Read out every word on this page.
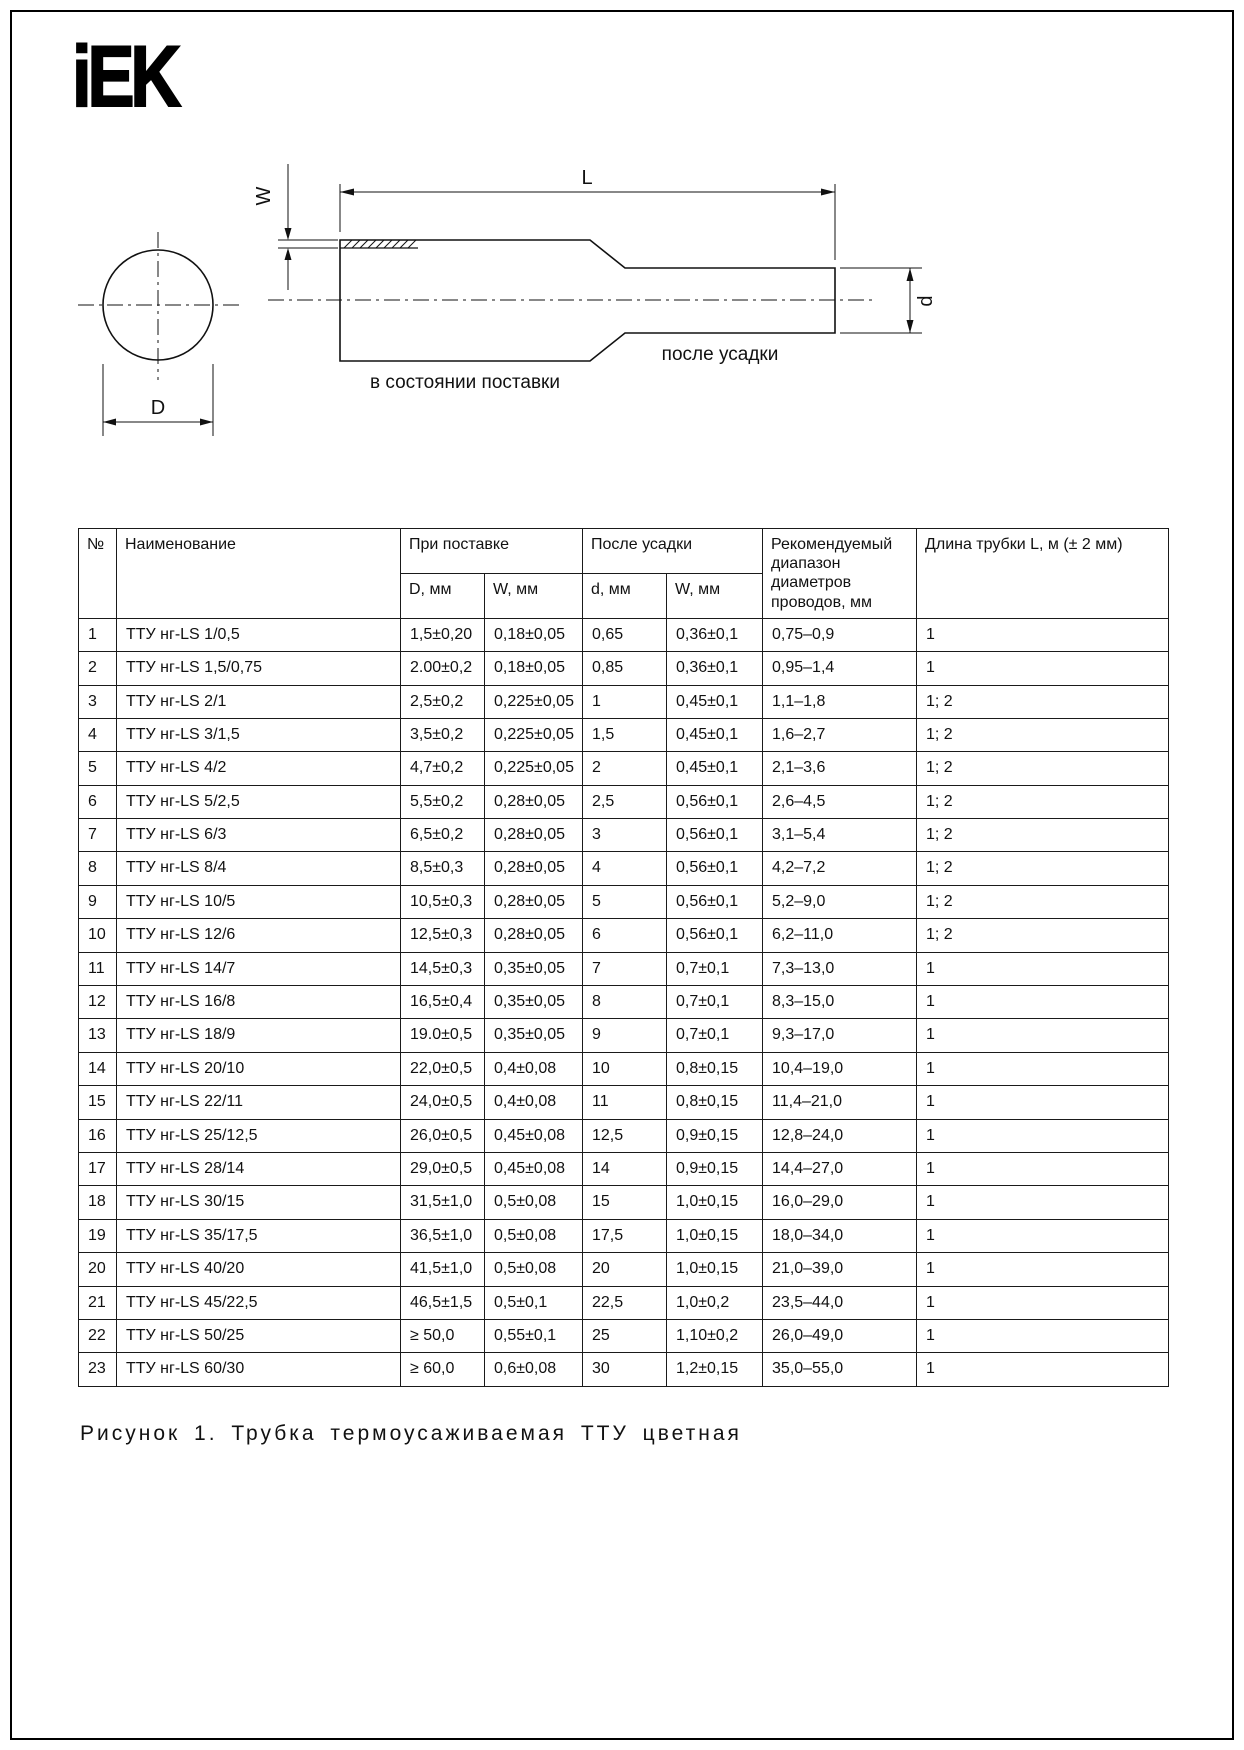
iEK
W
L
D
d
в состоянии поставки
после усадки
№	Наименование	При поставке		После усадки		Рекомендуемый диапазон диаметров проводов, мм	Длина трубки L, м (± 2 мм)
		D, мм	W, мм	d, мм	W, мм		
1	ТТУ нг-LS 1/0,5	1,5±0,20	0,18±0,05	0,65	0,36±0,1	0,75–0,9	1
2	ТТУ нг-LS 1,5/0,75	2.00±0,2	0,18±0,05	0,85	0,36±0,1	0,95–1,4	1
3	ТТУ нг-LS 2/1	2,5±0,2	0,225±0,05	1	0,45±0,1	1,1–1,8	1; 2
4	ТТУ нг-LS 3/1,5	3,5±0,2	0,225±0,05	1,5	0,45±0,1	1,6–2,7	1; 2
5	ТТУ нг-LS 4/2	4,7±0,2	0,225±0,05	2	0,45±0,1	2,1–3,6	1; 2
6	ТТУ нг-LS 5/2,5	5,5±0,2	0,28±0,05	2,5	0,56±0,1	2,6–4,5	1; 2
7	ТТУ нг-LS 6/3	6,5±0,2	0,28±0,05	3	0,56±0,1	3,1–5,4	1; 2
8	ТТУ нг-LS 8/4	8,5±0,3	0,28±0,05	4	0,56±0,1	4,2–7,2	1; 2
9	ТТУ нг-LS 10/5	10,5±0,3	0,28±0,05	5	0,56±0,1	5,2–9,0	1; 2
10	ТТУ нг-LS 12/6	12,5±0,3	0,28±0,05	6	0,56±0,1	6,2–11,0	1; 2
11	ТТУ нг-LS 14/7	14,5±0,3	0,35±0,05	7	0,7±0,1	7,3–13,0	1
12	ТТУ нг-LS 16/8	16,5±0,4	0,35±0,05	8	0,7±0,1	8,3–15,0	1
13	ТТУ нг-LS 18/9	19.0±0,5	0,35±0,05	9	0,7±0,1	9,3–17,0	1
14	ТТУ нг-LS 20/10	22,0±0,5	0,4±0,08	10	0,8±0,15	10,4–19,0	1
15	ТТУ нг-LS 22/11	24,0±0,5	0,4±0,08	11	0,8±0,15	11,4–21,0	1
16	ТТУ нг-LS 25/12,5	26,0±0,5	0,45±0,08	12,5	0,9±0,15	12,8–24,0	1
17	ТТУ нг-LS 28/14	29,0±0,5	0,45±0,08	14	0,9±0,15	14,4–27,0	1
18	ТТУ нг-LS 30/15	31,5±1,0	0,5±0,08	15	1,0±0,15	16,0–29,0	1
19	ТТУ нг-LS 35/17,5	36,5±1,0	0,5±0,08	17,5	1,0±0,15	18,0–34,0	1
20	ТТУ нг-LS 40/20	41,5±1,0	0,5±0,08	20	1,0±0,15	21,0–39,0	1
21	ТТУ нг-LS 45/22,5	46,5±1,5	0,5±0,1	22,5	1,0±0,2	23,5–44,0	1
22	ТТУ нг-LS 50/25	≥ 50,0	0,55±0,1	25	1,10±0,2	26,0–49,0	1
23	ТТУ нг-LS 60/30	≥ 60,0	0,6±0,08	30	1,2±0,15	35,0–55,0	1
Рисунок 1. Трубка термоусаживаемая ТТУ цветная
